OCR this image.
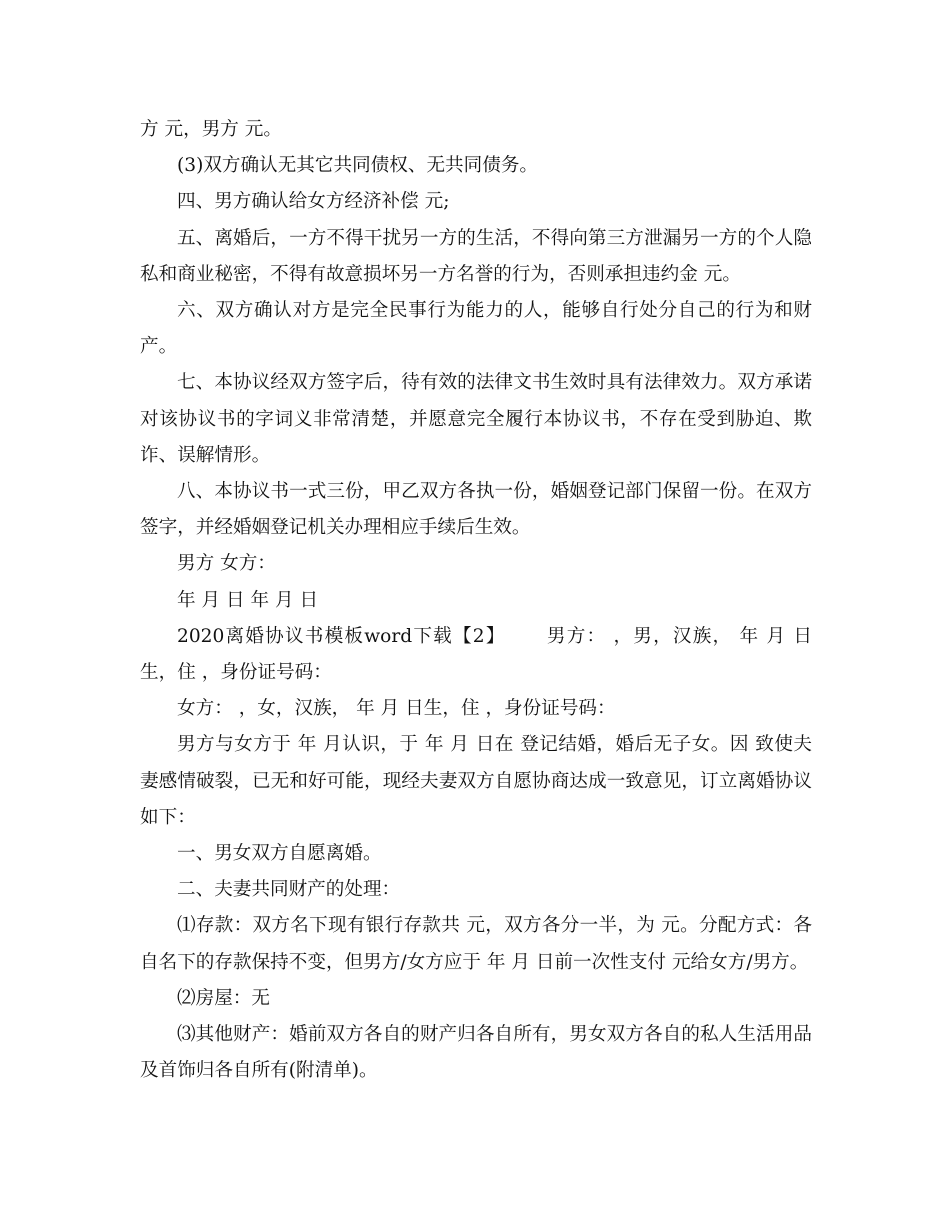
方 元，男方 元。

(3)双方确认无其它共同债权、无共同债务。

四、男方确认给女方经济补偿 元;

五、离婚后，一方不得干扰另一方的生活，不得向第三方泄漏另一方的个人隐私和商业秘密，不得有故意损坏另一方名誉的行为，否则承担违约金 元。

六、双方确认对方是完全民事行为能力的人，能够自行处分自己的行为和财产。

七、本协议经双方签字后，待有效的法律文书生效时具有法律效力。双方承诺对该协议书的字词义非常清楚，并愿意完全履行本协议书，不存在受到胁迫、欺诈、误解情形。

八、本协议书一式三份，甲乙双方各执一份，婚姻登记部门保留一份。在双方签字，并经婚姻登记机关办理相应手续后生效。

男方 女方：

年 月 日 年 月 日

2020离婚协议书模板word下载【2】 男方： ，男，汉族， 年 月 日生，住 ，身份证号码：

女方： ，女，汉族， 年 月 日生，住 ，身份证号码：

男方与女方于 年 月认识，于 年 月 日在 登记结婚，婚后无子女。因 致使夫妻感情破裂，已无和好可能，现经夫妻双方自愿协商达成一致意见，订立离婚协议如下：

一、男女双方自愿离婚。

二、夫妻共同财产的处理：

⑴存款：双方名下现有银行存款共 元，双方各分一半，为 元。分配方式：各自名下的存款保持不变，但男方/女方应于 年 月 日前一次性支付 元给女方/男方。

⑵房屋：无

⑶其他财产：婚前双方各自的财产归各自所有，男女双方各自的私人生活用品及首饰归各自所有(附清单)。
